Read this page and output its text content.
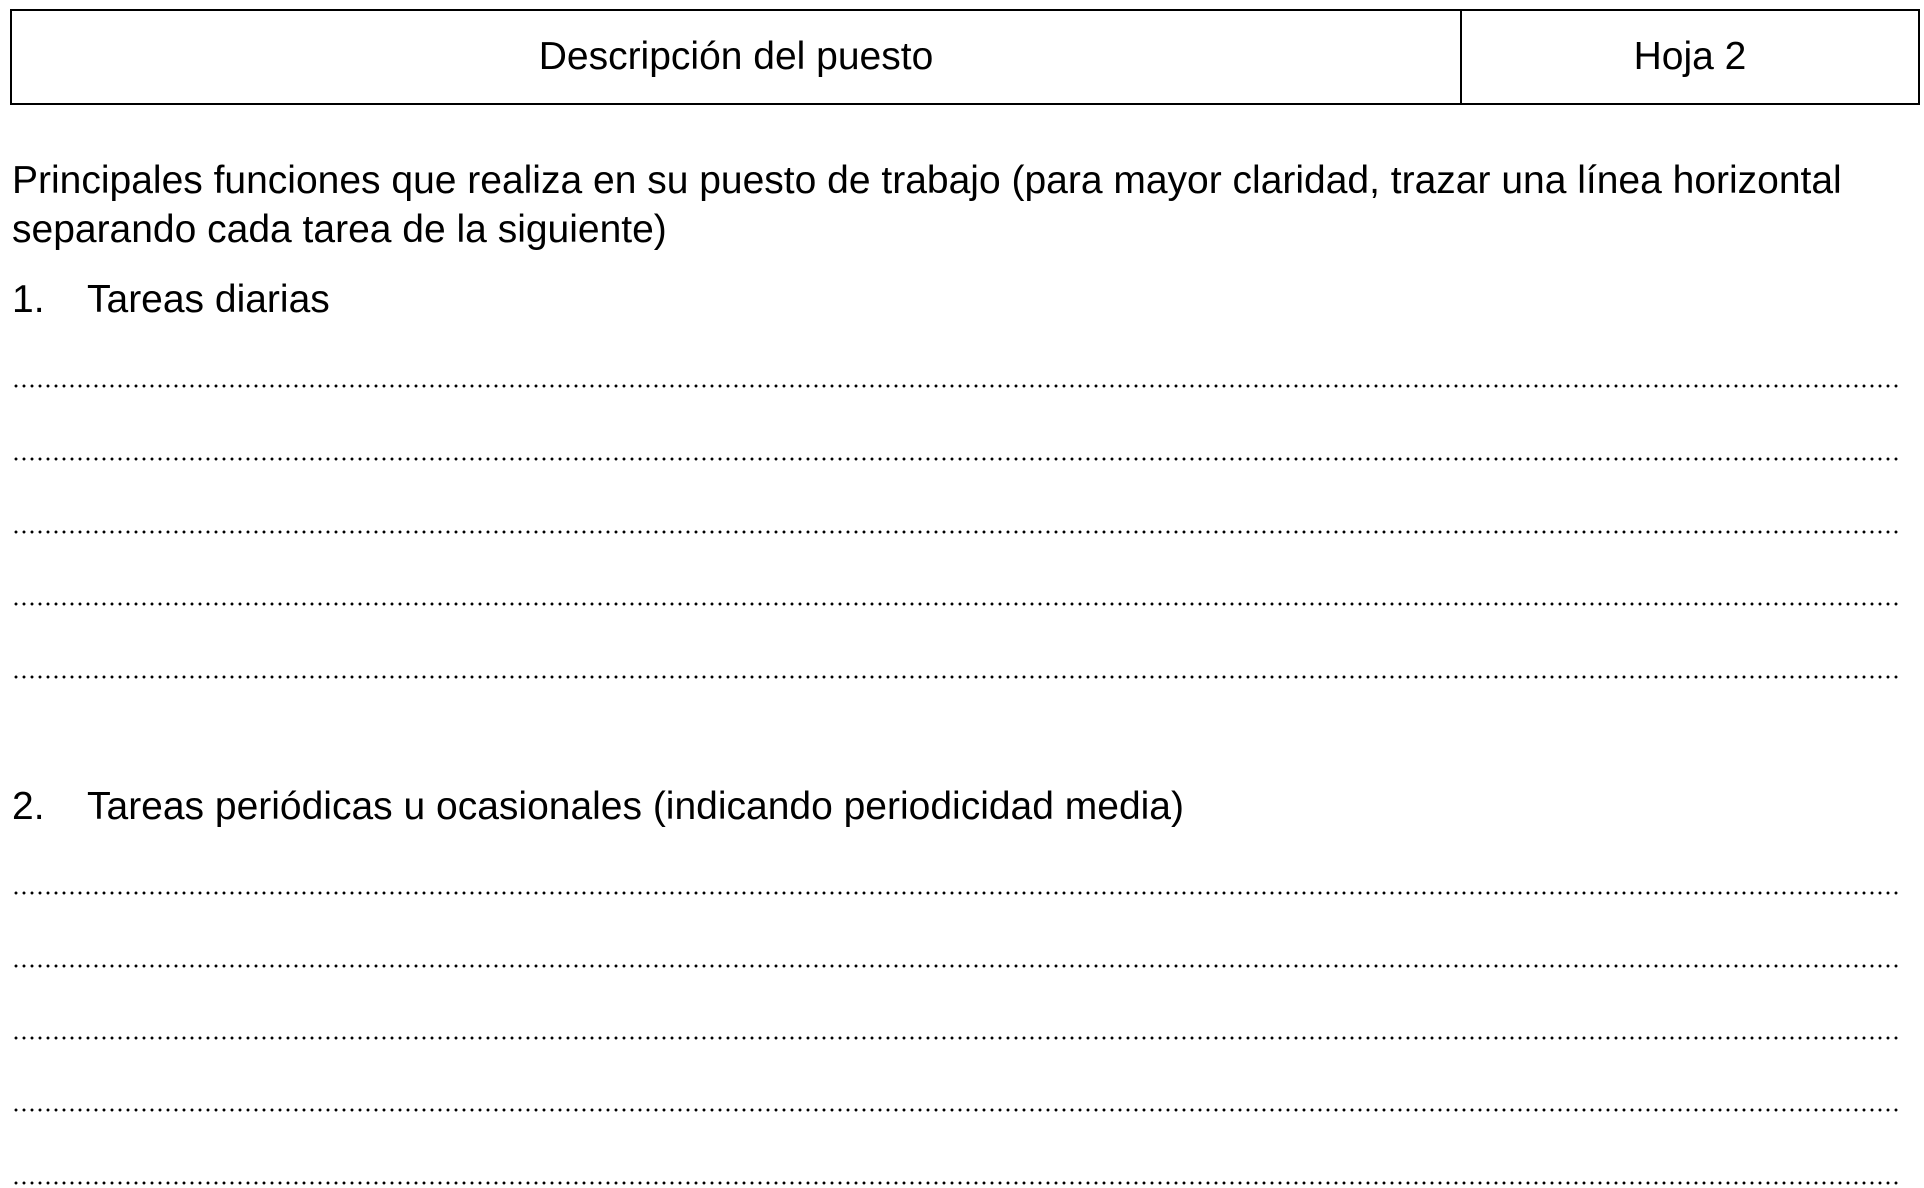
Descripción del puesto	Hoja 2

Principales funciones que realiza en su puesto de trabajo (para mayor claridad, trazar una línea horizontal separando cada tarea de la siguiente)

1.	Tareas diarias
2.	Tareas periódicas u ocasionales (indicando periodicidad media)
